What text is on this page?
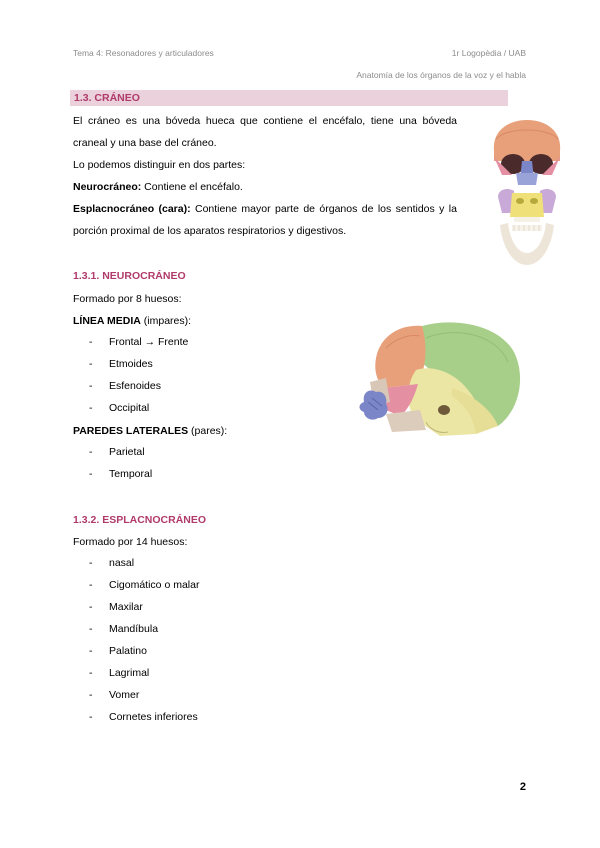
Tema 4: Resonadores y articuladores	1r Logopèdia / UAB
Anatomía de los órganos de la voz y el habla
1.3. CRÁNEO
El cráneo es una bóveda hueca que contiene el encéfalo, tiene una bóveda
craneal y una base del cráneo.
Lo podemos distinguir en dos partes:
Neurocráneo: Contiene el encéfalo.
Esplacnocráneo (cara): Contiene mayor parte de órganos de los sentidos y la
porción proximal de los aparatos respiratorios y digestivos.
1.3.1. NEUROCRÁNEO
Formado por 8 huesos:
LÍNEA MEDIA (impares):
- Frontal → Frente
- Etmoides
- Esfenoides
- Occipital
PAREDES LATERALES (pares):
- Parietal
- Temporal
1.3.2. ESPLACNOCRÁNEO
Formado por 14 huesos:
- nasal
- Cigomático o malar
- Maxilar
- Mandíbula
- Palatino
- Lagrimal
- Vomer
- Cornetes inferiores
2
